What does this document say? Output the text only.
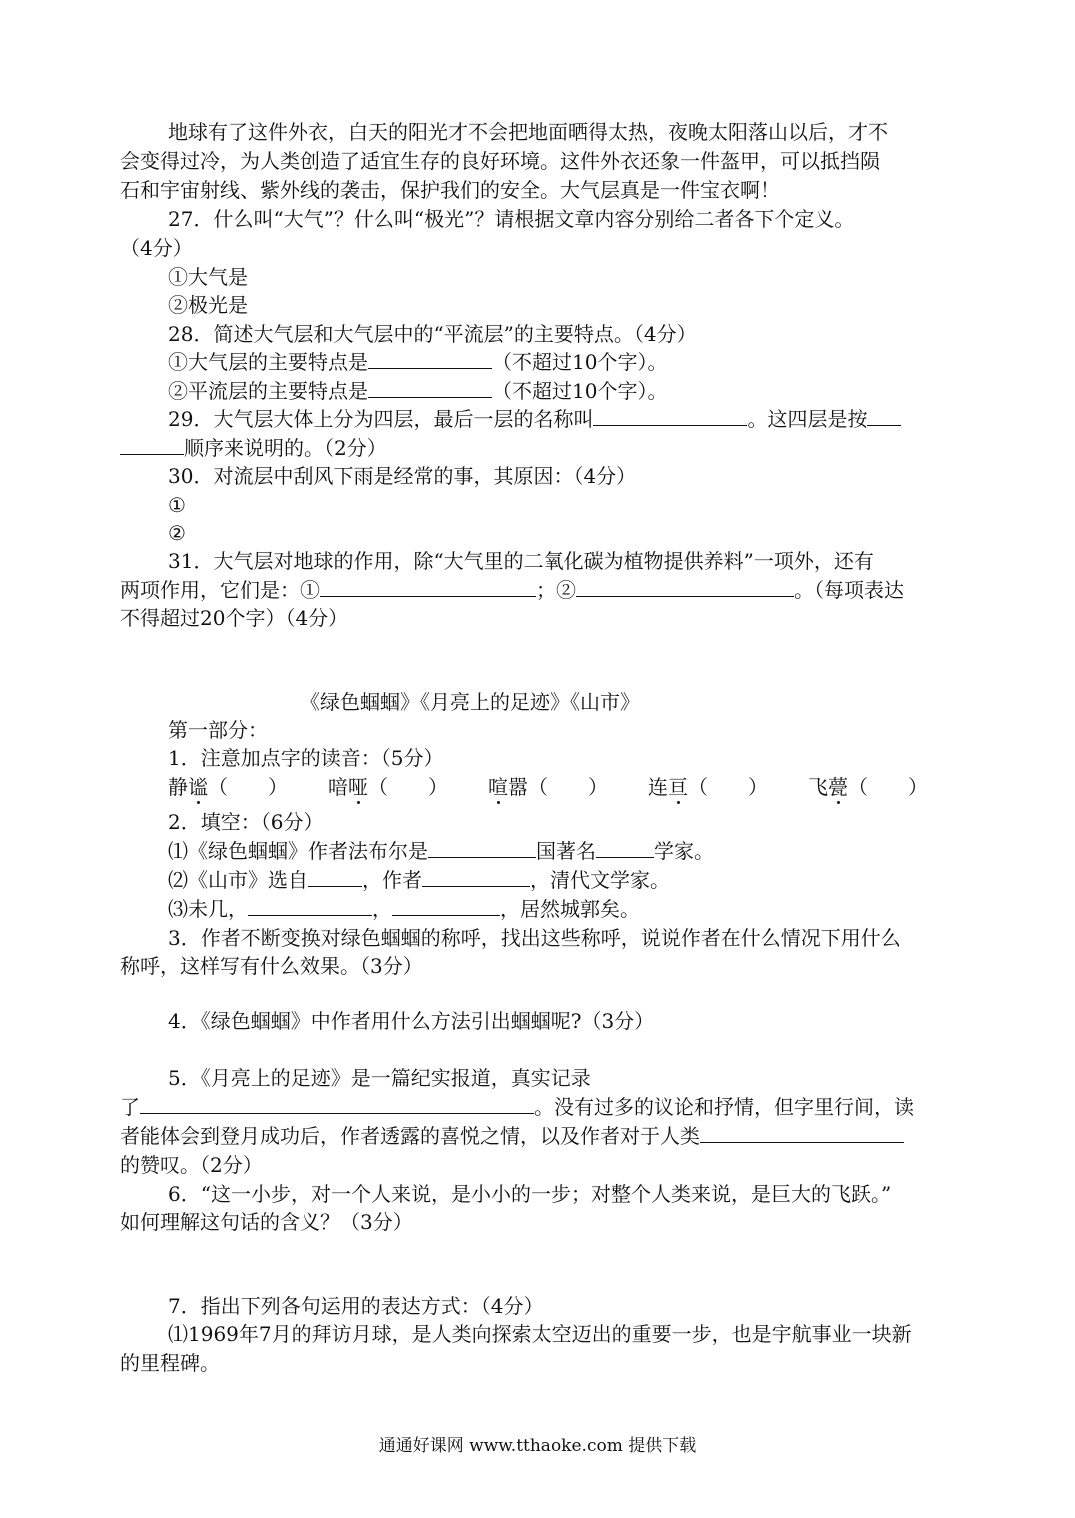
地球有了这件外衣，白天的阳光才不会把地面晒得太热，夜晚太阳落山以后，才不
会变得过冷，为人类创造了适宜生存的良好环境。这件外衣还象一件盔甲，可以抵挡陨
石和宇宙射线、紫外线的袭击，保护我们的安全。大气层真是一件宝衣啊！
27．什么叫“大气”？什么叫“极光”？请根据文章内容分别给二者各下个定义。
（4分）
①大气是
②极光是
28．简述大气层和大气层中的“平流层”的主要特点。（4分）
①大气层的主要特点是	（不超过10个字）。
②平流层的主要特点是	（不超过10个字）。
29．大气层大体上分为四层，最后一层的名称叫	。这四层是按
顺序来说明的。（2分）
30．对流层中刮风下雨是经常的事，其原因：（4分）
①
②
31．大气层对地球的作用，除“大气里的二氧化碳为植物提供养料”一项外，还有
两项作用，它们是：①	；②	。（每项表达
不得超过20个字）（4分）
《绿色蝈蝈》《月亮上的足迹》《山市》
第一部分：
1．注意加点字的读音：（5分）
静谧（　　） 喑哑（　　） 喧嚣（　　） 连亘（　　） 飞甍（　　）
2．填空：（6分）
⑴《绿色蝈蝈》作者法布尔是	国著名	学家。
⑵《山市》选自	，作者	，清代文学家。
⑶未几，	，	，居然城郭矣。
3．作者不断变换对绿色蝈蝈的称呼，找出这些称呼，说说作者在什么情况下用什么
称呼，这样写有什么效果。（3分）
4．《绿色蝈蝈》中作者用什么方法引出蝈蝈呢?（3分）
5．《月亮上的足迹》是一篇纪实报道，真实记录
了	。没有过多的议论和抒情，但字里行间，读
者能体会到登月成功后，作者透露的喜悦之情，以及作者对于人类
的赞叹。（2分）
6．“这一小步，对一个人来说，是小小的一步；对整个人类来说，是巨大的飞跃。”
如何理解这句话的含义？（3分）
7．指出下列各句运用的表达方式：（4分）
⑴1969年7月的拜访月球，是人类向探索太空迈出的重要一步，也是宇航事业一块新
的里程碑。
通通好课网 www.tthaoke.com 提供下载
